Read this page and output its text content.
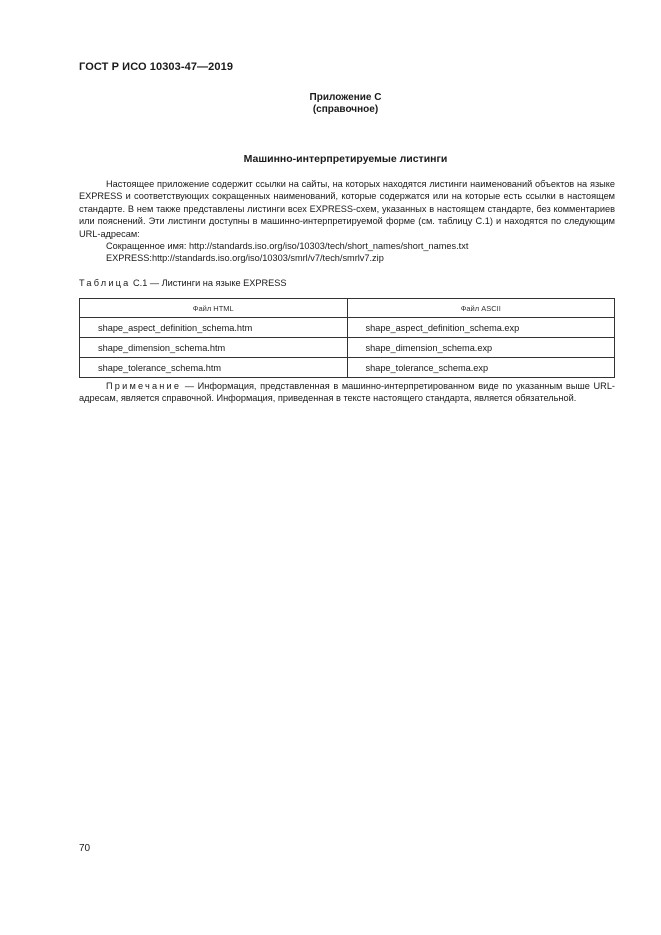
ГОСТ Р ИСО 10303-47—2019
Приложение С
(справочное)
Машинно-интерпретируемые листинги

Настоящее приложение содержит ссылки на сайты, на которых находятся листинги наименований объектов на языке EXPRESS и соответствующих сокращенных наименований, которые содержатся или на которые есть ссылки в настоящем стандарте. В нем также представлены листинги всех EXPRESS-схем, указанных в настоящем стандарте, без комментариев или пояснений. Эти листинги доступны в машинно-интерпретируемой форме (см. таблицу С.1) и находятся по следующим URL-адресам:

Сокращенное имя: http://standards.iso.org/iso/10303/tech/short_names/short_names.txt

EXPRESS:http://standards.iso.org/iso/10303/smrl/v7/tech/smrlv7.zip

Таблица С.1 — Листинги на языке EXPRESS
Файл HTML	Файл ASCII
shape_aspect_definition_schema.htm	shape_aspect_definition_schema.exp
shape_dimension_schema.htm	shape_dimension_schema.exp
shape_tolerance_schema.htm	shape_tolerance_schema.exp
Примечание — Информация, представленная в машинно-интерпретированном виде по указанным выше URL-адресам, является справочной. Информация, приведенная в тексте настоящего стандарта, является обязательной.
70
